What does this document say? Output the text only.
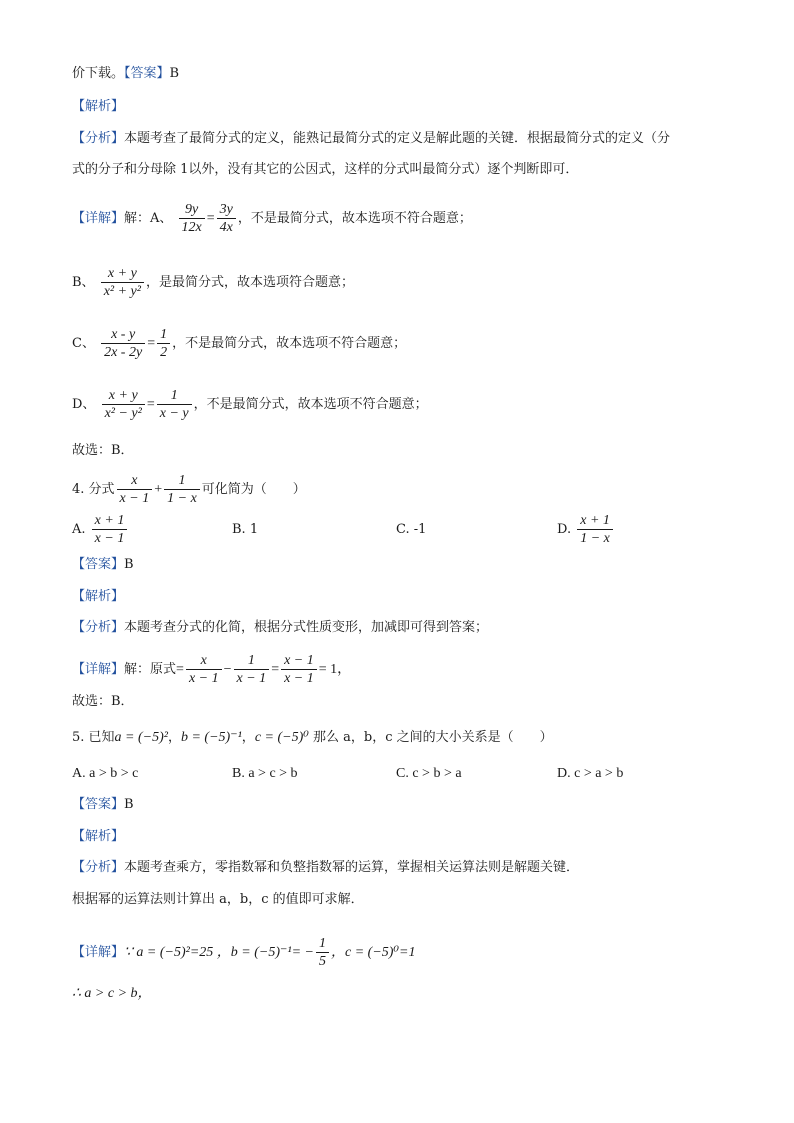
价下载。【答案】B
【解析】
【分析】本题考查了最简分式的定义，能熟记最简分式的定义是解此题的关键．根据最简分式的定义（分
式的分子和分母除 1以外，没有其它的公因式，这样的分式叫最简分式）逐个判断即可．
【详解】解：A、 $\frac{9y}{12x} = \frac{3y}{4x}$ ，不是最简分式，故本选项不符合题意；
B、 $\frac{x + y}{\text{x² + y²}}$ ，是最简分式，故本选项符合题意；
C、 $\frac{x - y}{2x - 2y} = \frac{1}{2}$ ，不是最简分式，故本选项不符合题意；
D、 $\frac{x + y}{\text{x² − y²}} = \frac{1}{x - y}$ ，不是最简分式，故本选项不符合题意；
故选：B．
4. 分式 $\frac{x}{x - 1} + \frac{1}{1 - x}$ 可化简为（　　）
A. $\frac{x + 1}{x - 1}$	B. 1	C. -1	D. $\frac{x + 1}{1 - x}$
【答案】B
【解析】
【分析】本题考查分式的化简，根据分式性质变形，加减即可得到答案；
【详解】解：原式= $\frac{x}{x - 1} - \frac{1}{x - 1} = \frac{x - 1}{x - 1} = 1$，
故选：B．
5. 已知a = (−5)²，b = (−5)⁻¹，c = (−5)⁰ 那么 a，b，c 之间的大小关系是（　　）
A. a > b > c	B. a > c > b	C. c > b > a	D. c > a > b
【答案】B
【解析】
【分析】本题考查乘方，零指数幂和负整指数幂的运算，掌握相关运算法则是解题关键．
根据幂的运算法则计算出 a，b，c 的值即可求解．
【详解】∵ a = (−5)²=25 ，$b = (-5)^{-1}= - \frac{1}{5}$ ，c = (−5)⁰=1
∴ a > c > b，
